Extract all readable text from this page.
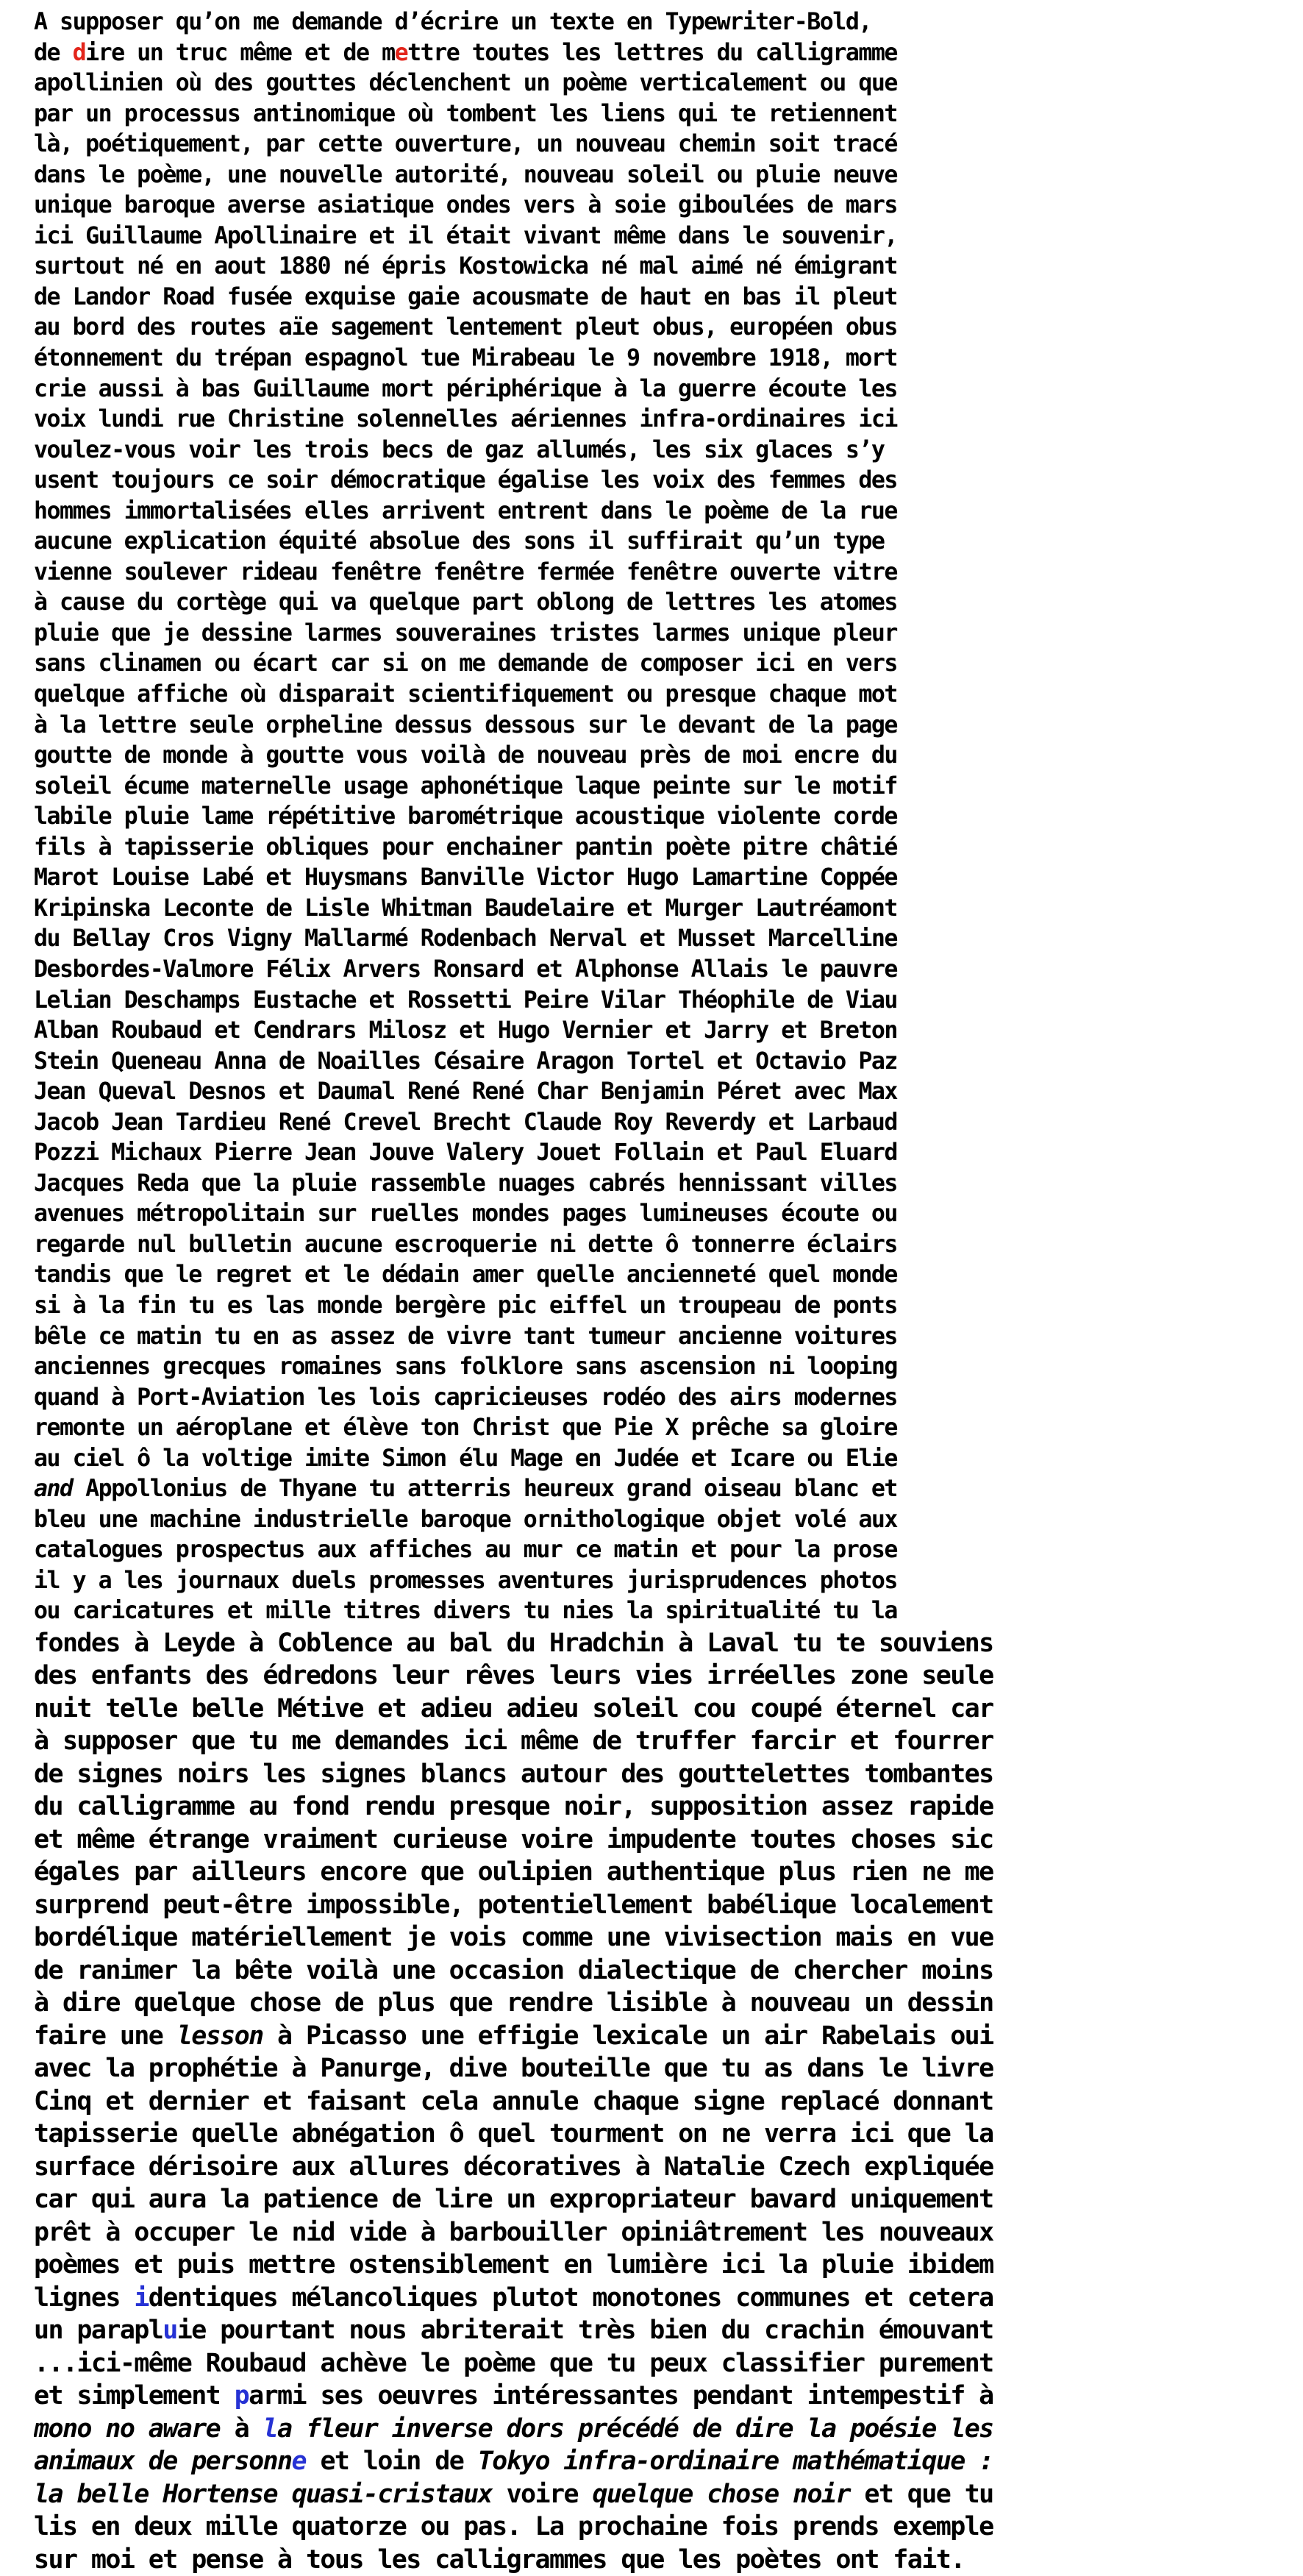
A supposer qu’on me demande d’écrire un texte en Typewriter-Bold,
de dire un truc même et de mettre toutes les lettres du calligramme
apollinien où des gouttes déclenchent un poème verticalement ou que
par un processus antinomique où tombent les liens qui te retiennent
là, poétiquement, par cette ouverture, un nouveau chemin soit tracé
dans le poème, une nouvelle autorité, nouveau soleil ou pluie neuve
unique baroque averse asiatique ondes vers à soie giboulées de mars
ici Guillaume Apollinaire et il était vivant même dans le souvenir,
surtout né en aout 1880 né épris Kostowicka né mal aimé né émigrant
de Landor Road fusée exquise gaie acousmate de haut en bas il pleut
au bord des routes aïe sagement lentement pleut obus, européen obus
étonnement du trépan espagnol tue Mirabeau le 9 novembre 1918, mort
crie aussi à bas Guillaume mort périphérique à la guerre écoute les
voix lundi rue Christine solennelles aériennes infra-ordinaires ici
voulez-vous voir les trois becs de gaz allumés, les six glaces s’y
usent toujours ce soir démocratique égalise les voix des femmes des
hommes immortalisées elles arrivent entrent dans le poème de la rue
aucune explication équité absolue des sons il suffirait qu’un type
vienne soulever rideau fenêtre fenêtre fermée fenêtre ouverte vitre
à cause du cortège qui va quelque part oblong de lettres les atomes
pluie que je dessine larmes souveraines tristes larmes unique pleur
sans clinamen ou écart car si on me demande de composer ici en vers
quelque affiche où disparait scientifiquement ou presque chaque mot
à la lettre seule orpheline dessus dessous sur le devant de la page
goutte de monde à goutte vous voilà de nouveau près de moi encre du
soleil écume maternelle usage aphonétique laque peinte sur le motif
labile pluie lame répétitive barométrique acoustique violente corde
fils à tapisserie obliques pour enchainer pantin poète pitre châtié
Marot Louise Labé et Huysmans Banville Victor Hugo Lamartine Coppée
Kripinska Leconte de Lisle Whitman Baudelaire et Murger Lautréamont
du Bellay Cros Vigny Mallarmé Rodenbach Nerval et Musset Marcelline
Desbordes-Valmore Félix Arvers Ronsard et Alphonse Allais le pauvre
Lelian Deschamps Eustache et Rossetti Peire Vilar Théophile de Viau
Alban Roubaud et Cendrars Milosz et Hugo Vernier et Jarry et Breton
Stein Queneau Anna de Noailles Césaire Aragon Tortel et Octavio Paz
Jean Queval Desnos et Daumal René René Char Benjamin Péret avec Max
Jacob Jean Tardieu René Crevel Brecht Claude Roy Reverdy et Larbaud
Pozzi Michaux Pierre Jean Jouve Valery Jouet Follain et Paul Eluard
Jacques Reda que la pluie rassemble nuages cabrés hennissant villes
avenues métropolitain sur ruelles mondes pages lumineuses écoute ou
regarde nul bulletin aucune escroquerie ni dette ô tonnerre éclairs
tandis que le regret et le dédain amer quelle ancienneté quel monde
si à la fin tu es las monde bergère pic eiffel un troupeau de ponts
bêle ce matin tu en as assez de vivre tant tumeur ancienne voitures
anciennes grecques romaines sans folklore sans ascension ni looping
quand à Port-Aviation les lois capricieuses rodéo des airs modernes
remonte un aéroplane et élève ton Christ que Pie X prêche sa gloire
au ciel ô la voltige imite Simon élu Mage en Judée et Icare ou Elie
and Appollonius de Thyane tu atterris heureux grand oiseau blanc et
bleu une machine industrielle baroque ornithologique objet volé aux
catalogues prospectus aux affiches au mur ce matin et pour la prose
il y a les journaux duels promesses aventures jurisprudences photos
ou caricatures et mille titres divers tu nies la spiritualité tu la
fondes à Leyde à Coblence au bal du Hradchin à Laval tu te souviens
des enfants des édredons leur rêves leurs vies irréelles zone seule
nuit telle belle Métive et adieu adieu soleil cou coupé éternel car
à supposer que tu me demandes ici même de truffer farcir et fourrer
de signes noirs les signes blancs autour des gouttelettes tombantes
du calligramme au fond rendu presque noir, supposition assez rapide
et même étrange vraiment curieuse voire impudente toutes choses sic
égales par ailleurs encore que oulipien authentique plus rien ne me
surprend peut-être impossible, potentiellement babélique localement
bordélique matériellement je vois comme une vivisection mais en vue
de ranimer la bête voilà une occasion dialectique de chercher moins
à dire quelque chose de plus que rendre lisible à nouveau un dessin
faire une lesson à Picasso une effigie lexicale un air Rabelais oui
avec la prophétie à Panurge, dive bouteille que tu as dans le livre
Cinq et dernier et faisant cela annule chaque signe replacé donnant
tapisserie quelle abnégation ô quel tourment on ne verra ici que la
surface dérisoire aux allures décoratives à Natalie Czech expliquée
car qui aura la patience de lire un expropriateur bavard uniquement
prêt à occuper le nid vide à barbouiller opiniâtrement les nouveaux
poèmes et puis mettre ostensiblement en lumière ici la pluie ibidem
lignes identiques mélancoliques plutot monotones communes et cetera
un parapluie pourtant nous abriterait très bien du crachin émouvant
...ici-même Roubaud achève le poème que tu peux classifier purement
et simplement parmi ses oeuvres intéressantes pendant intempestif à
mono no aware à la fleur inverse dors précédé de dire la poésie les
animaux de personne et loin de Tokyo infra-ordinaire mathématique :
la belle Hortense quasi-cristaux voire quelque chose noir et que tu
lis en deux mille quatorze ou pas. La prochaine fois prends exemple
sur moi et pense à tous les calligrammes que les poètes ont fait.
